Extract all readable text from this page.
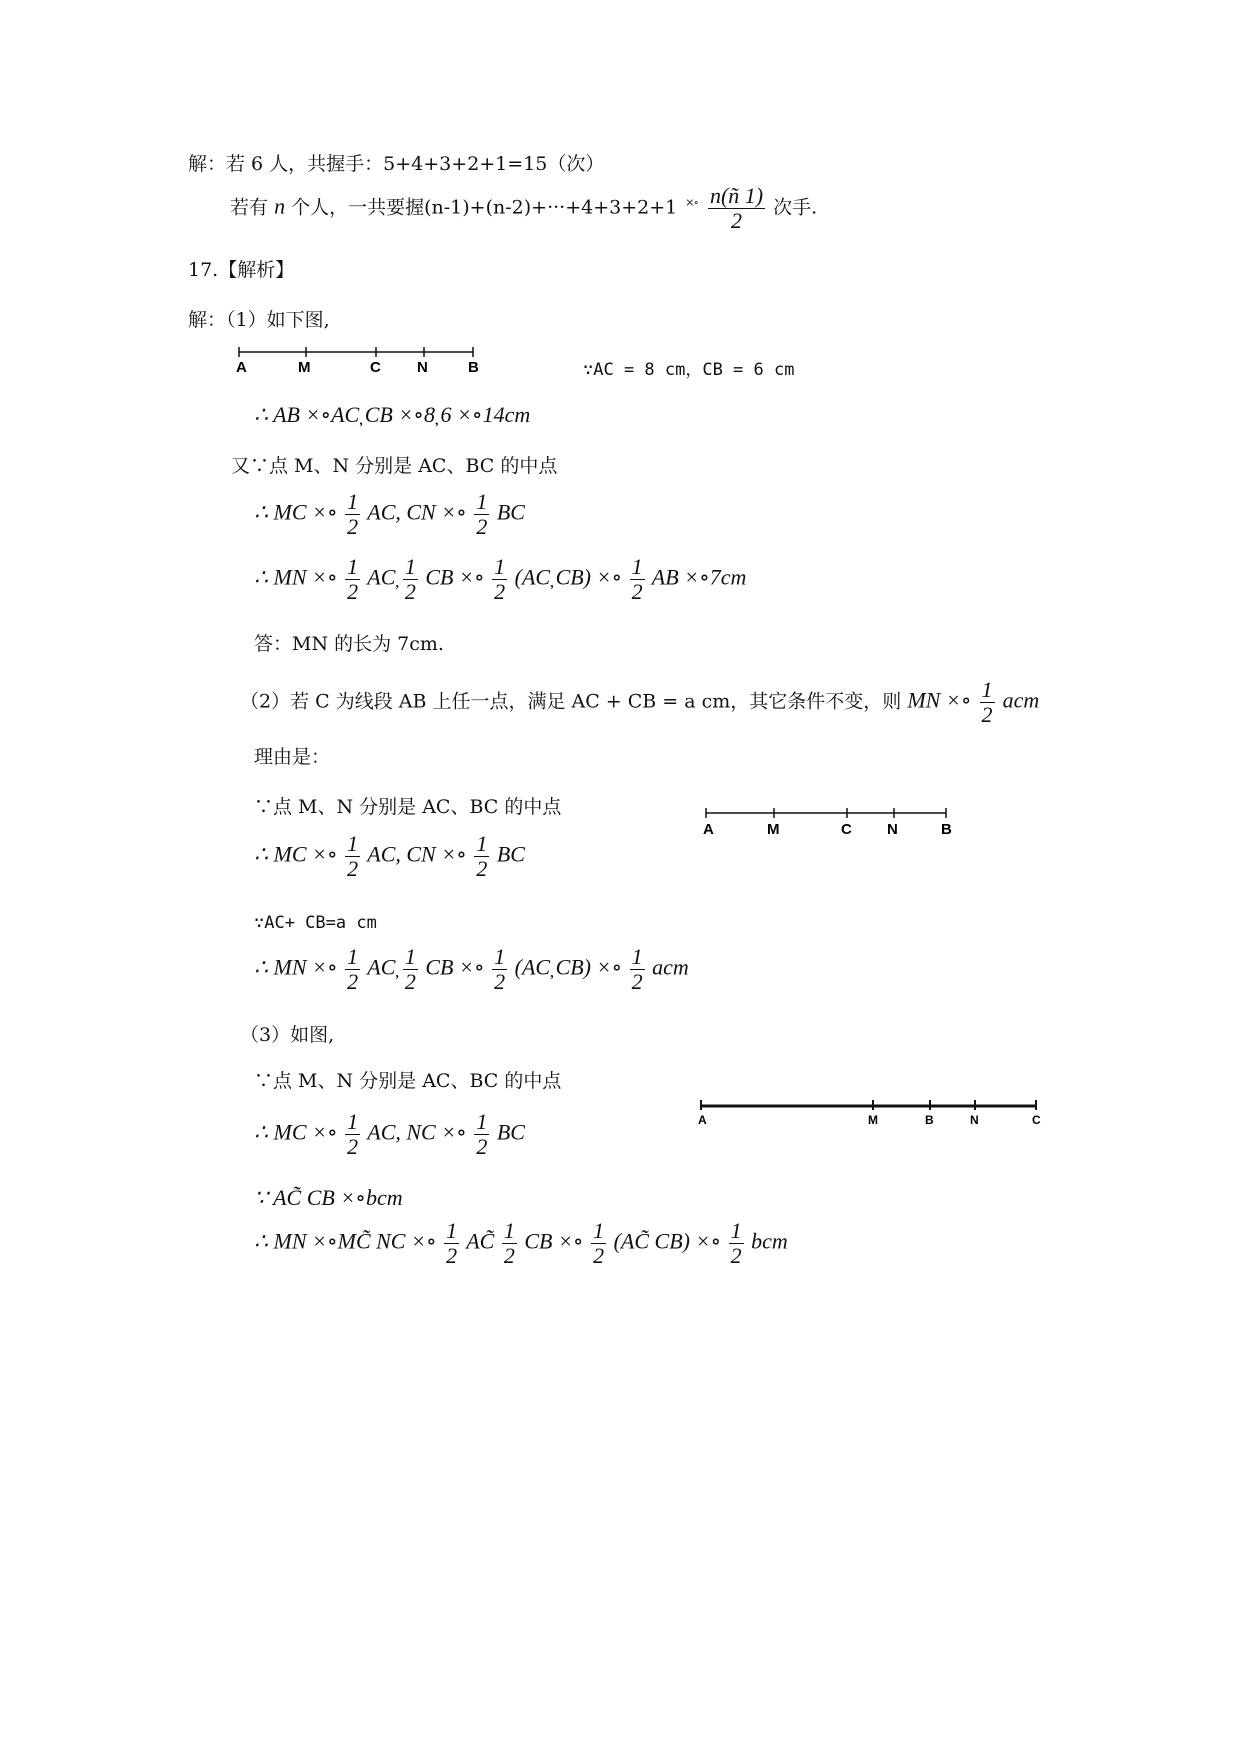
解：若 6 人，共握手：5+4+3+2+1=15（次）
若有 n 个人，一共要握(n-1)+(n-2)+···+4+3+2+1 $^{\times\circ} \frac{n(ñ 1)}{2}$ 次手.
17.【解析】
解：（1）如下图,
A	M	C N	B	∵AC = 8 cm，CB = 6 cm
∴ AB ×∘AC̦ CB ×∘8̦ 6 ×∘14cm
又∵点 M、N 分别是 AC、BC 的中点
∴ MC ×∘ $\frac{1}{2}$ AC, CN ×∘ $\frac{1}{2}$ BC
∴ MN ×∘ $\frac{1}{2}$ AC̦ $\frac{1}{2}$ CB ×∘ $\frac{1}{2}$ (AC̦ CB) ×∘ $\frac{1}{2}$ AB ×∘7cm
答：MN 的长为 7cm.
（2）若 C 为线段 AB 上任一点，满足 AC + CB = a cm，其它条件不变，则 MN ×∘ $\frac{1}{2}$ acm
理由是：
∵点 M、N 分别是 AC、BC 的中点
A	M	C N	B
∴ MC ×∘ $\frac{1}{2}$ AC, CN ×∘ $\frac{1}{2}$ BC
∵AC+ CB=a cm
∴ MN ×∘ $\frac{1}{2}$ AC̦ $\frac{1}{2}$ CB ×∘ $\frac{1}{2}$ (AC̦ CB) ×∘ $\frac{1}{2}$ acm
（3）如图,
∵点 M、N 分别是 AC、BC 的中点
A	M	B	N	C
∴ MC ×∘ $\frac{1}{2}$ AC, NC ×∘ $\frac{1}{2}$ BC
∵ AC̃ CB ×∘bcm
∴ MN ×∘MC̃ NC ×∘ $\frac{1}{2}$ AC̃ $\frac{1}{2}$ CB ×∘ $\frac{1}{2}$ (AC̃ CB) ×∘ $\frac{1}{2}$ bcm
